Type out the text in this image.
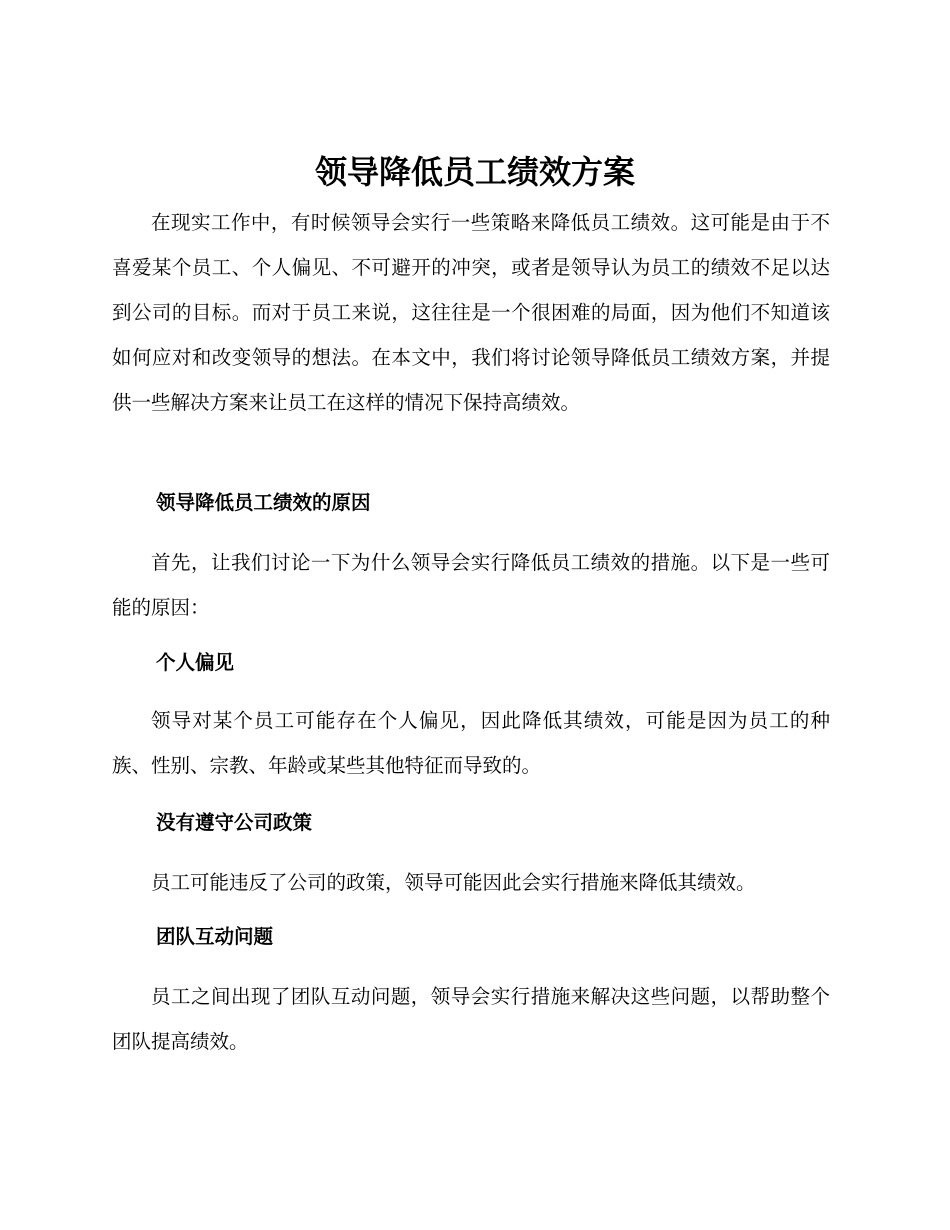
领导降低员工绩效方案

在现实工作中，有时候领导会实行一些策略来降低员工绩效。这可能是由于不喜爱某个员工、个人偏见、不可避开的冲突，或者是领导认为员工的绩效不足以达到公司的目标。而对于员工来说，这往往是一个很困难的局面，因为他们不知道该如何应对和改变领导的想法。在本文中，我们将讨论领导降低员工绩效方案，并提供一些解决方案来让员工在这样的情况下保持高绩效。

领导降低员工绩效的原因

首先，让我们讨论一下为什么领导会实行降低员工绩效的措施。以下是一些可能的原因：

个人偏见

领导对某个员工可能存在个人偏见，因此降低其绩效，可能是因为员工的种族、性别、宗教、年龄或某些其他特征而导致的。

没有遵守公司政策

员工可能违反了公司的政策，领导可能因此会实行措施来降低其绩效。

团队互动问题

员工之间出现了团队互动问题，领导会实行措施来解决这些问题，以帮助整个团队提高绩效。
